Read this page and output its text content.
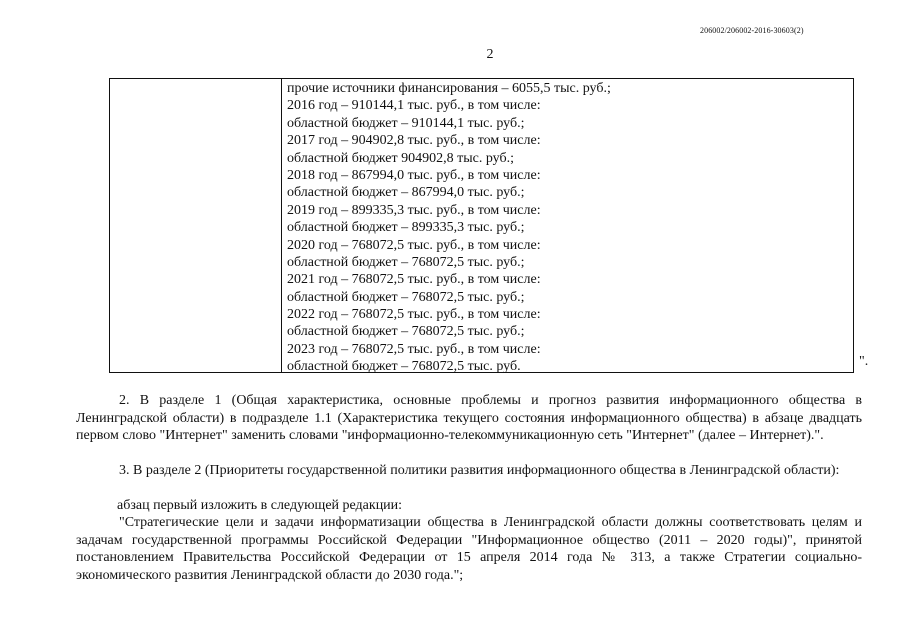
206002/206002-2016-30603(2)
2
прочие источники финансирования – 6055,5 тыс. руб.;
2016 год – 910144,1 тыс. руб., в том числе:
областной бюджет – 910144,1 тыс. руб.;
2017 год – 904902,8 тыс. руб., в том числе:
областной бюджет 904902,8 тыс. руб.;
2018 год – 867994,0 тыс. руб., в том числе:
областной бюджет – 867994,0 тыс. руб.;
2019 год – 899335,3 тыс. руб., в том числе:
областной бюджет – 899335,3 тыс. руб.;
2020 год – 768072,5 тыс. руб., в том числе:
областной бюджет – 768072,5 тыс. руб.;
2021 год – 768072,5 тыс. руб., в том числе:
областной бюджет – 768072,5 тыс. руб.;
2022 год – 768072,5 тыс. руб., в том числе:
областной бюджет – 768072,5 тыс. руб.;
2023 год – 768072,5 тыс. руб., в том числе:
областной бюджет – 768072,5 тыс. руб.	".

2. В разделе 1 (Общая характеристика, основные проблемы и прогноз развития информационного общества в Ленинградской области) в подразделе 1.1 (Характеристика текущего состояния информационного общества) в абзаце двадцать первом слово "Интернет" заменить словами "информационно-телекоммуникационную сеть "Интернет" (далее – Интернет).".

3. В разделе 2 (Приоритеты государственной политики развития информационного общества в Ленинградской области):

абзац первый изложить в следующей редакции:

"Стратегические цели и задачи информатизации общества в Ленинградской области должны соответствовать целям и задачам государственной программы Российской Федерации "Информационное общество (2011 – 2020 годы)", принятой постановлением Правительства Российской Федерации от 15 апреля 2014 года № 313, а также Стратегии социально-экономического развития Ленинградской области до 2030 года.";
